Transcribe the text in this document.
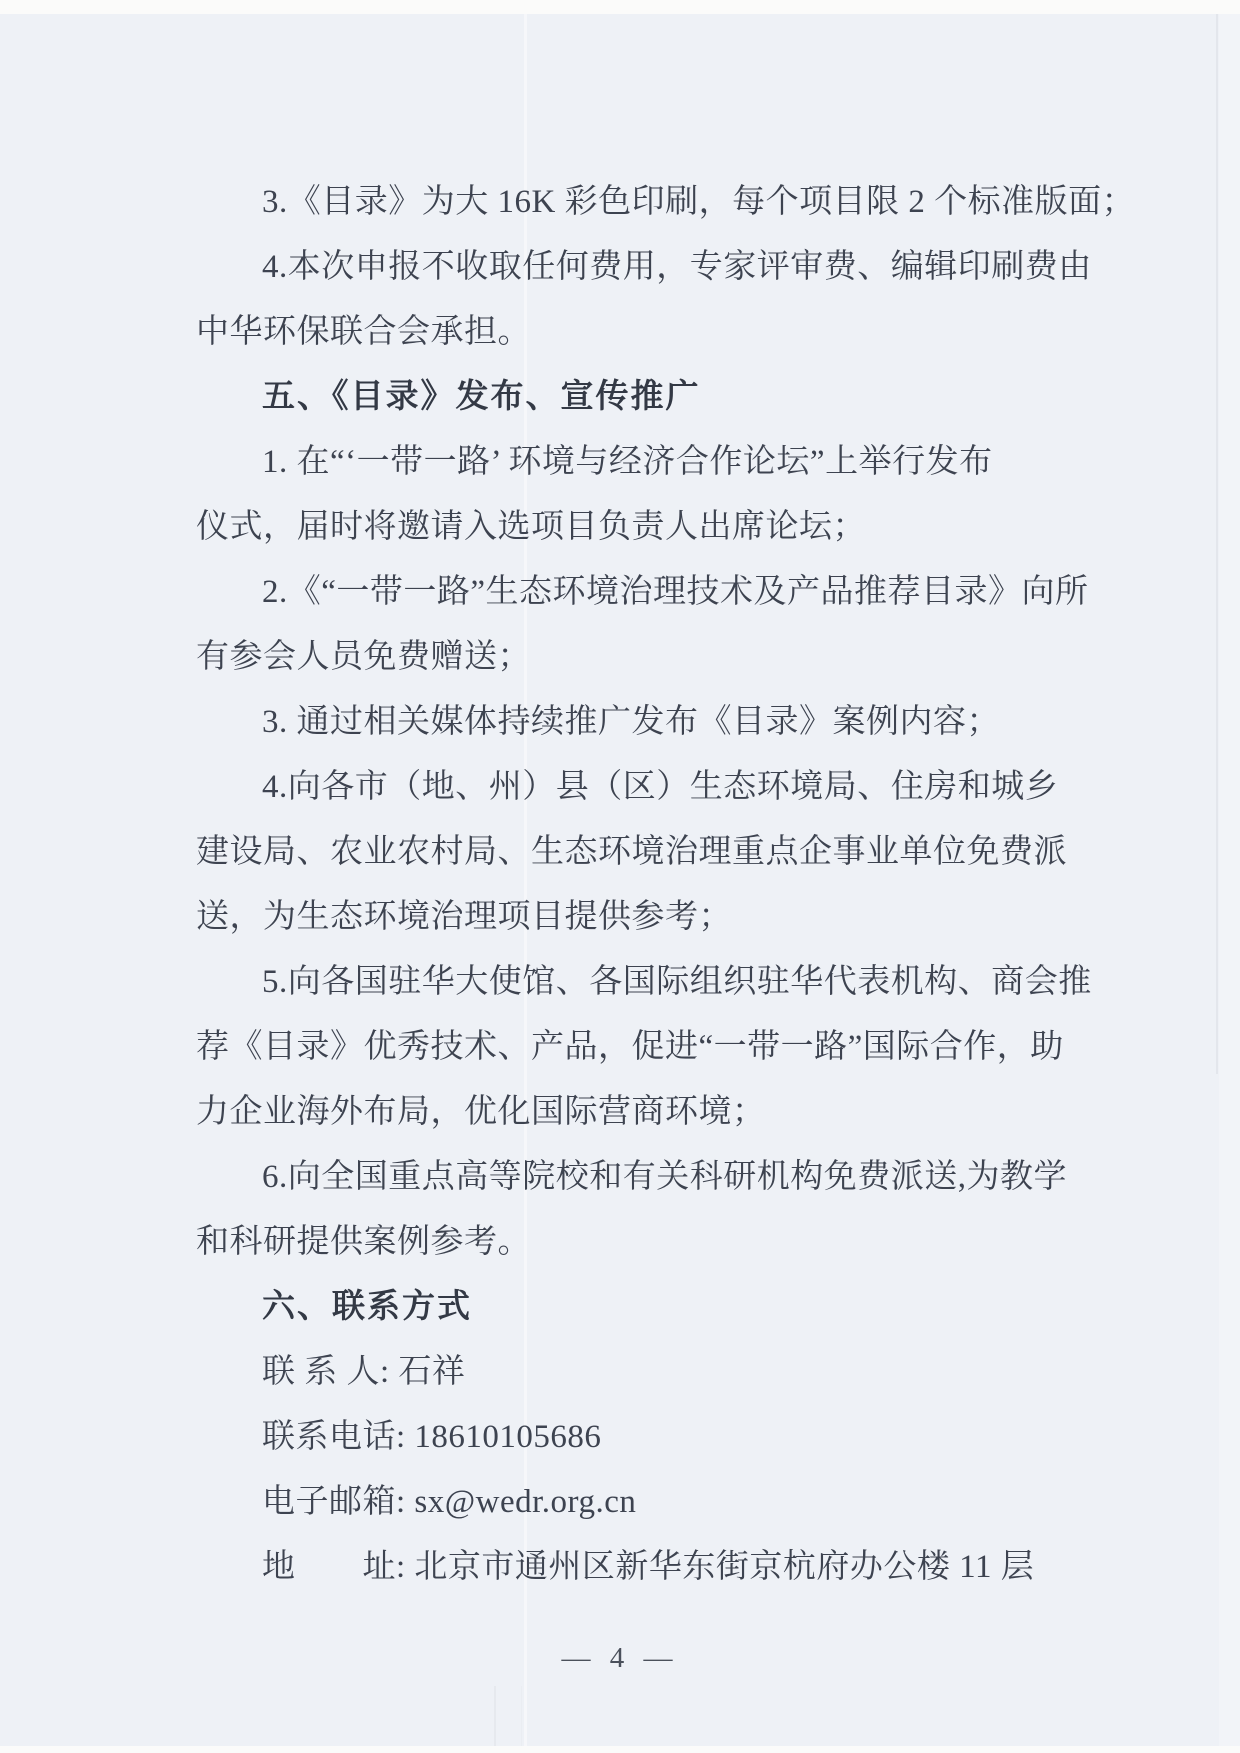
3.《目录》为大 16K 彩色印刷，每个项目限 2 个标准版面；
4.本次申报不收取任何费用，专家评审费、编辑印刷费由
中华环保联合会承担。
五、《目录》发布、宣传推广
1. 在“‘一带一路’ 环境与经济合作论坛”上举行发布
仪式，届时将邀请入选项目负责人出席论坛；
2.《“一带一路”生态环境治理技术及产品推荐目录》向所
有参会人员免费赠送；
3. 通过相关媒体持续推广发布《目录》案例内容；
4.向各市（地、州）县（区）生态环境局、住房和城乡
建设局、农业农村局、生态环境治理重点企事业单位免费派
送，为生态环境治理项目提供参考；
5.向各国驻华大使馆、各国际组织驻华代表机构、商会推
荐《目录》优秀技术、产品，促进“一带一路”国际合作，助
力企业海外布局，优化国际营商环境；
6.向全国重点高等院校和有关科研机构免费派送,为教学
和科研提供案例参考。
六、联系方式
联 系 人: 石祥
联系电话: 18610105686
电子邮箱: sx@wedr.org.cn
地　　址: 北京市通州区新华东街京杭府办公楼 11 层
— 4 —
